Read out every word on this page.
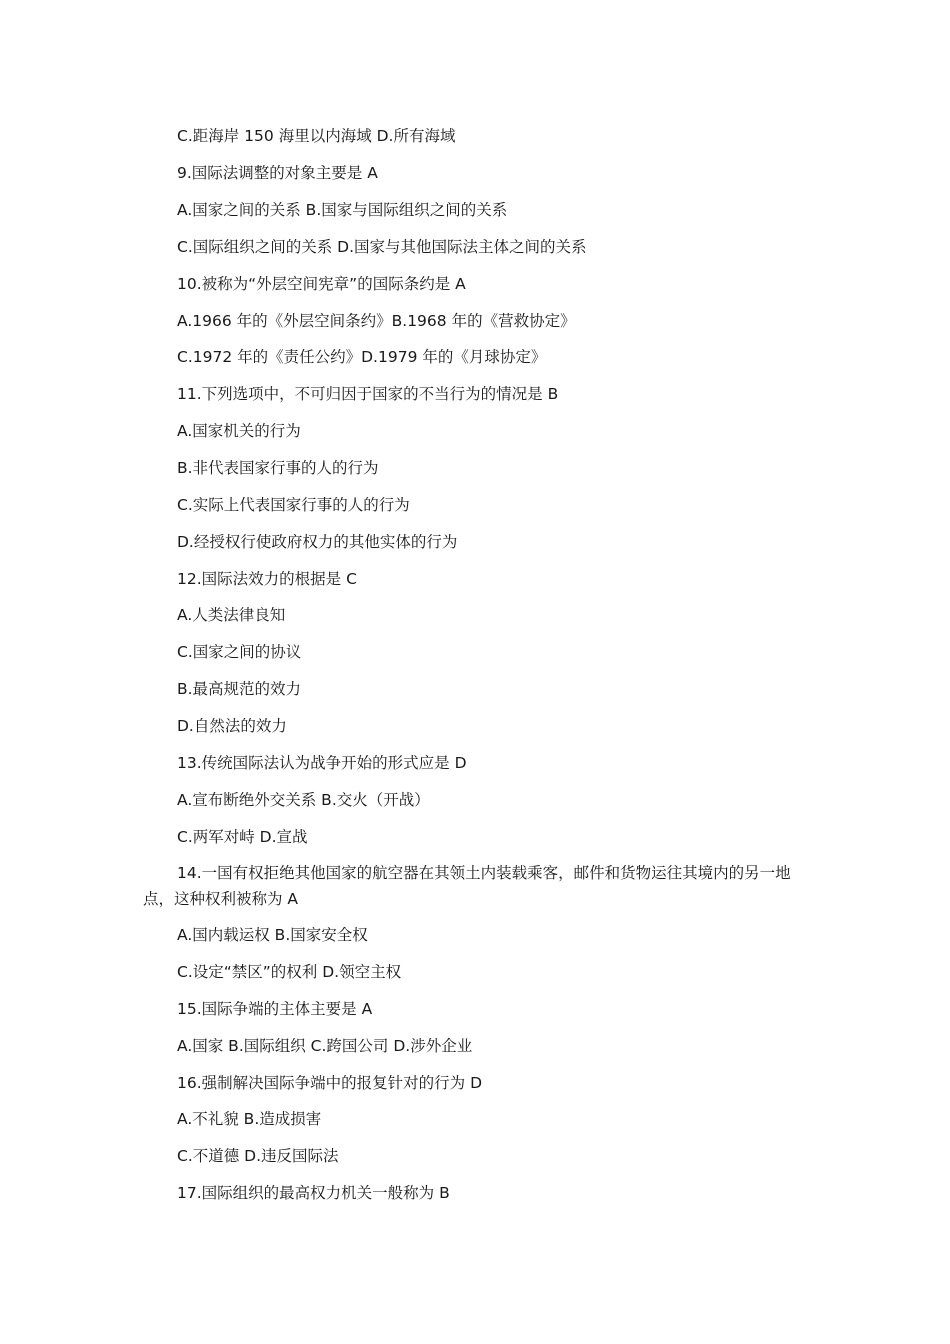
C.距海岸 150 海里以内海域 D.所有海域
9.国际法调整的对象主要是 A
A.国家之间的关系 B.国家与国际组织之间的关系
C.国际组织之间的关系 D.国家与其他国际法主体之间的关系
10.被称为“外层空间宪章”的国际条约是 A
A.1966 年的《外层空间条约》B.1968 年的《营救协定》
C.1972 年的《责任公约》D.1979 年的《月球协定》
11.下列选项中，不可归因于国家的不当行为的情况是 B
A.国家机关的行为
B.非代表国家行事的人的行为
C.实际上代表国家行事的人的行为
D.经授权行使政府权力的其他实体的行为
12.国际法效力的根据是 C
A.人类法律良知
C.国家之间的协议
B.最高规范的效力
D.自然法的效力
13.传统国际法认为战争开始的形式应是 D
A.宣布断绝外交关系 B.交火（开战）
C.两军对峙 D.宣战
14.一国有权拒绝其他国家的航空器在其领土内装载乘客，邮件和货物运往其境内的另一地点，这种权利被称为 A
A.国内载运权 B.国家安全权
C.设定“禁区”的权利 D.领空主权
15.国际争端的主体主要是 A
A.国家 B.国际组织 C.跨国公司 D.涉外企业
16.强制解决国际争端中的报复针对的行为 D
A.不礼貌 B.造成损害
C.不道德 D.违反国际法
17.国际组织的最高权力机关一般称为 B
